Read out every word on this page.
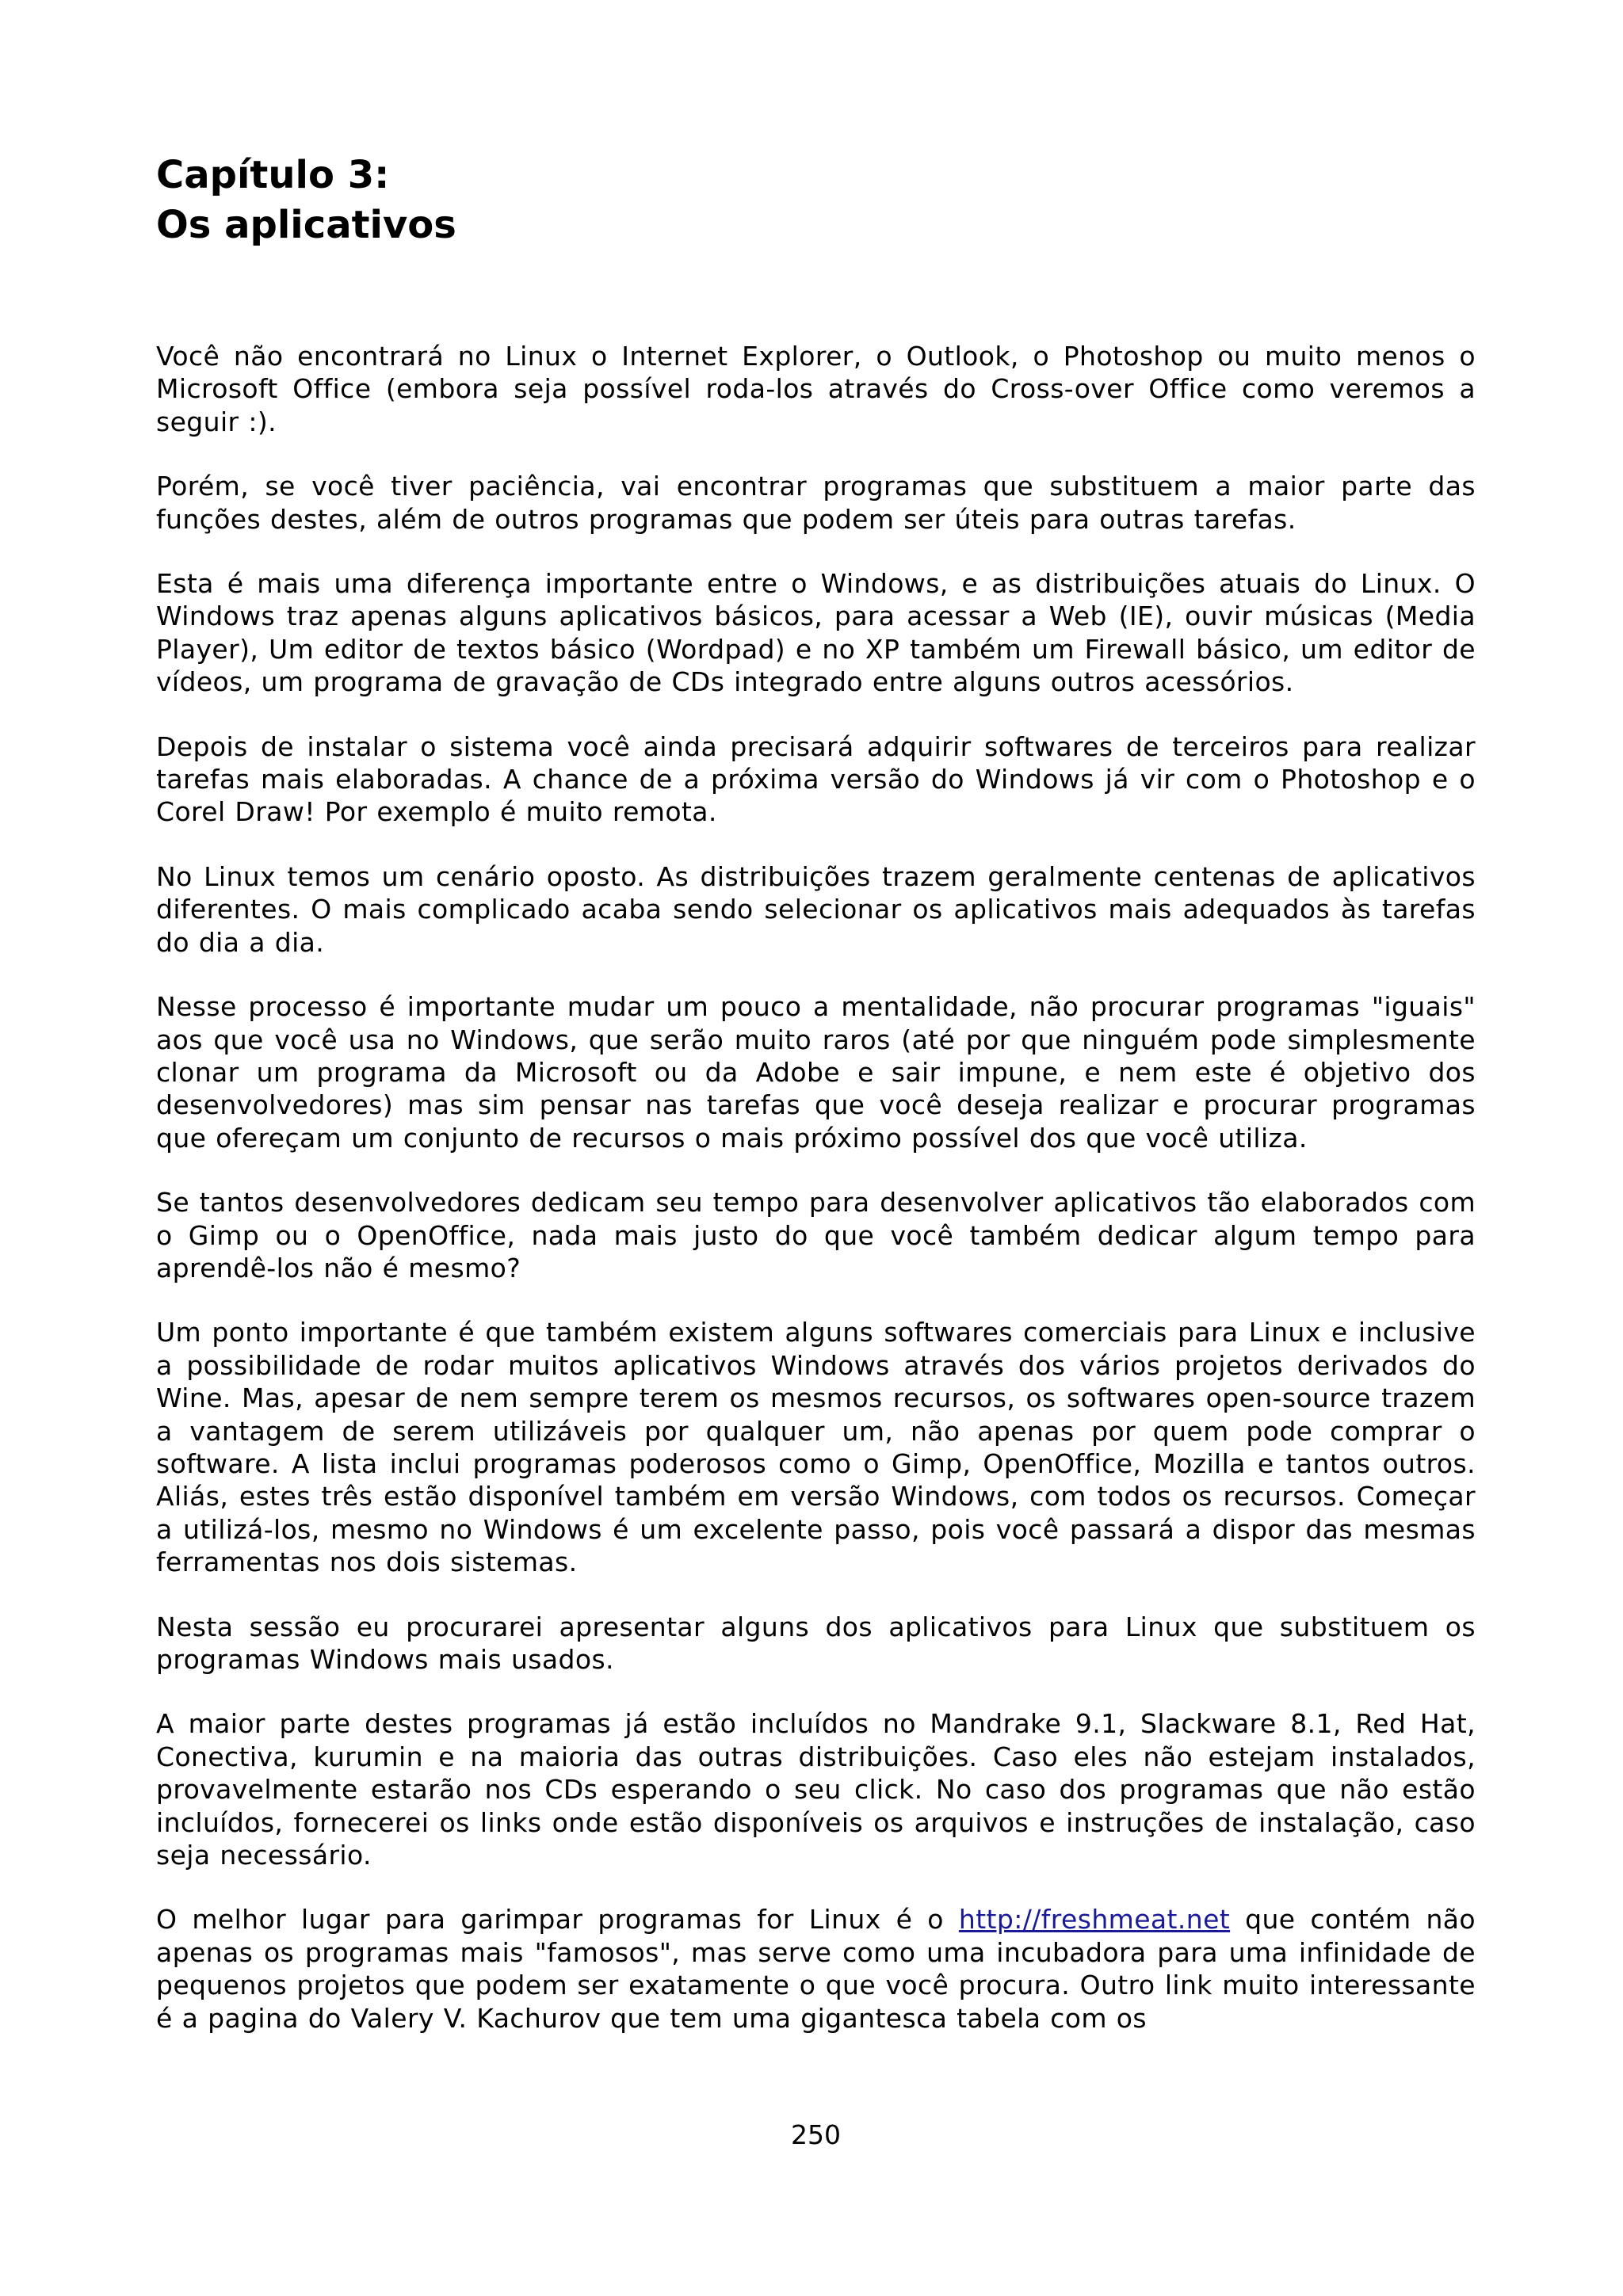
Capítulo 3:
Os aplicativos

Você não encontrará no Linux o Internet Explorer, o Outlook, o Photoshop ou muito menos o Microsoft Office (embora seja possível roda-los através do Cross-over Office como veremos a seguir :).

Porém, se você tiver paciência, vai encontrar programas que substituem a maior parte das funções destes, além de outros programas que podem ser úteis para outras tarefas.

Esta é mais uma diferença importante entre o Windows, e as distribuições atuais do Linux. O Windows traz apenas alguns aplicativos básicos, para acessar a Web (IE), ouvir músicas (Media Player), Um editor de textos básico (Wordpad) e no XP também um Firewall básico, um editor de vídeos, um programa de gravação de CDs integrado entre alguns outros acessórios.

Depois de instalar o sistema você ainda precisará adquirir softwares de terceiros para realizar tarefas mais elaboradas. A chance de a próxima versão do Windows já vir com o Photoshop e o Corel Draw! Por exemplo é muito remota.

No Linux temos um cenário oposto. As distribuições trazem geralmente centenas de aplicativos diferentes. O mais complicado acaba sendo selecionar os aplicativos mais adequados às tarefas do dia a dia.

Nesse processo é importante mudar um pouco a mentalidade, não procurar programas "iguais" aos que você usa no Windows, que serão muito raros (até por que ninguém pode simplesmente clonar um programa da Microsoft ou da Adobe e sair impune, e nem este é objetivo dos desenvolvedores) mas sim pensar nas tarefas que você deseja realizar e procurar programas que ofereçam um conjunto de recursos o mais próximo possível dos que você utiliza.

Se tantos desenvolvedores dedicam seu tempo para desenvolver aplicativos tão elaborados com o Gimp ou o OpenOffice, nada mais justo do que você também dedicar algum tempo para aprendê-los não é mesmo?

Um ponto importante é que também existem alguns softwares comerciais para Linux e inclusive a possibilidade de rodar muitos aplicativos Windows através dos vários projetos derivados do Wine. Mas, apesar de nem sempre terem os mesmos recursos, os softwares open-source trazem a vantagem de serem utilizáveis por qualquer um, não apenas por quem pode comprar o software. A lista inclui programas poderosos como o Gimp, OpenOffice, Mozilla e tantos outros. Aliás, estes três estão disponível também em versão Windows, com todos os recursos. Começar a utilizá-los, mesmo no Windows é um excelente passo, pois você passará a dispor das mesmas ferramentas nos dois sistemas.

Nesta sessão eu procurarei apresentar alguns dos aplicativos para Linux que substituem os programas Windows mais usados.

A maior parte destes programas já estão incluídos no Mandrake 9.1, Slackware 8.1, Red Hat, Conectiva, kurumin e na maioria das outras distribuições. Caso eles não estejam instalados, provavelmente estarão nos CDs esperando o seu click. No caso dos programas que não estão incluídos, fornecerei os links onde estão disponíveis os arquivos e instruções de instalação, caso seja necessário.

O melhor lugar para garimpar programas for Linux é o http://freshmeat.net que contém não apenas os programas mais "famosos", mas serve como uma incubadora para uma infinidade de pequenos projetos que podem ser exatamente o que você procura. Outro link muito interessante é a pagina do Valery V. Kachurov que tem uma gigantesca tabela com os

250
